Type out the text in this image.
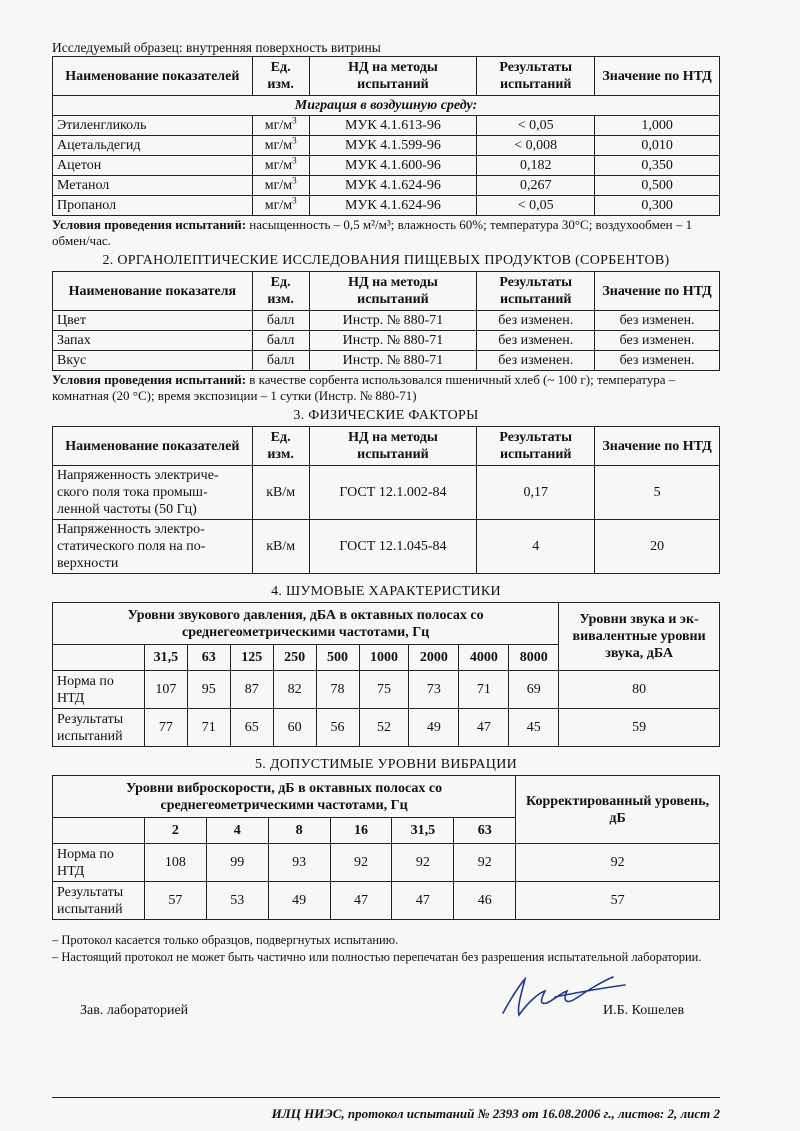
Исследуемый образец: внутренняя поверхность витрины
Наименование показателей	Ед. изм.	НД на методы испытаний	Результаты испытаний	Значение по НТД
Миграция в воздушную среду:				
Этиленгликоль	$мг/м^3$	МУК 4.1.613-96	< 0,05	1,000
Ацетальдегид	$мг/м^3$	МУК 4.1.599-96	< 0,008	0,010
Ацетон	$мг/м^3$	МУК 4.1.600-96	0,182	0,350
Метанол	$мг/м^3$	МУК 4.1.624-96	0,267	0,500
Пропанол	$мг/м^3$	МУК 4.1.624-96	< 0,05	0,300
Условия проведения испытаний: насыщенность – 0,5 м²/м³; влажность 60%; температура 30°С; воздухообмен – 1 обмен/час.
2. ОРГАНОЛЕПТИЧЕСКИЕ ИССЛЕДОВАНИЯ ПИЩЕВЫХ ПРОДУКТОВ (СОРБЕНТОВ)
Наименование показателя	Ед. изм.	НД на методы испытаний	Результаты испытаний	Значение по НТД
Цвет	балл	Инстр. № 880-71	без изменен.	без изменен.
Запах	балл	Инстр. № 880-71	без изменен.	без изменен.
Вкус	балл	Инстр. № 880-71	без изменен.	без изменен.
Условия проведения испытаний: в качестве сорбента использовался пшеничный хлеб (~ 100 г); температура – комнатная (20 °С); время экспозиции – 1 сутки (Инстр. № 880-71)
3. ФИЗИЧЕСКИЕ ФАКТОРЫ
Наименование показателей	Ед. изм.	НД на методы испытаний	Результаты испытаний	Значение по НТД
Напряженность электриче-ского поля тока промыш-ленной частоты (50 Гц)	кВ/м	ГОСТ 12.1.002-84	0,17	5
Напряженность электро-статического поля на по-верхности	кВ/м	ГОСТ 12.1.045-84	4	20
4. ШУМОВЫЕ ХАРАКТЕРИСТИКИ
Уровни звукового давления, дБА в октавных полосах со среднегеометрическими частотами, Гц										Уровни звука и эк-вивалентные уровни звука, дБА
	31,5	63	125	250	500	1000	2000	4000	8000	
Норма по НТД	107	95	87	82	78	75	73	71	69	80
Результаты испытаний	77	71	65	60	56	52	49	47	45	59
5. ДОПУСТИМЫЕ УРОВНИ ВИБРАЦИИ
Уровни виброскорости, дБ в октавных полосах со среднегеометрическими частотами, Гц							Корректированный уровень, дБ
	2	4	8	16	31,5	63	
Норма по НТД	108	99	93	92	92	92	92
Результаты испытаний	57	53	49	47	47	46	57
– Протокол касается только образцов, подвергнутых испытанию.
– Настоящий протокол не может быть частично или полностью перепечатан без разрешения испытательной лаборатории.
Зав. лабораторией	И.Б. Кошелев
ИЛЦ НИЭС, протокол испытаний № 2393 от 16.08.2006 г., листов: 2, лист 2
